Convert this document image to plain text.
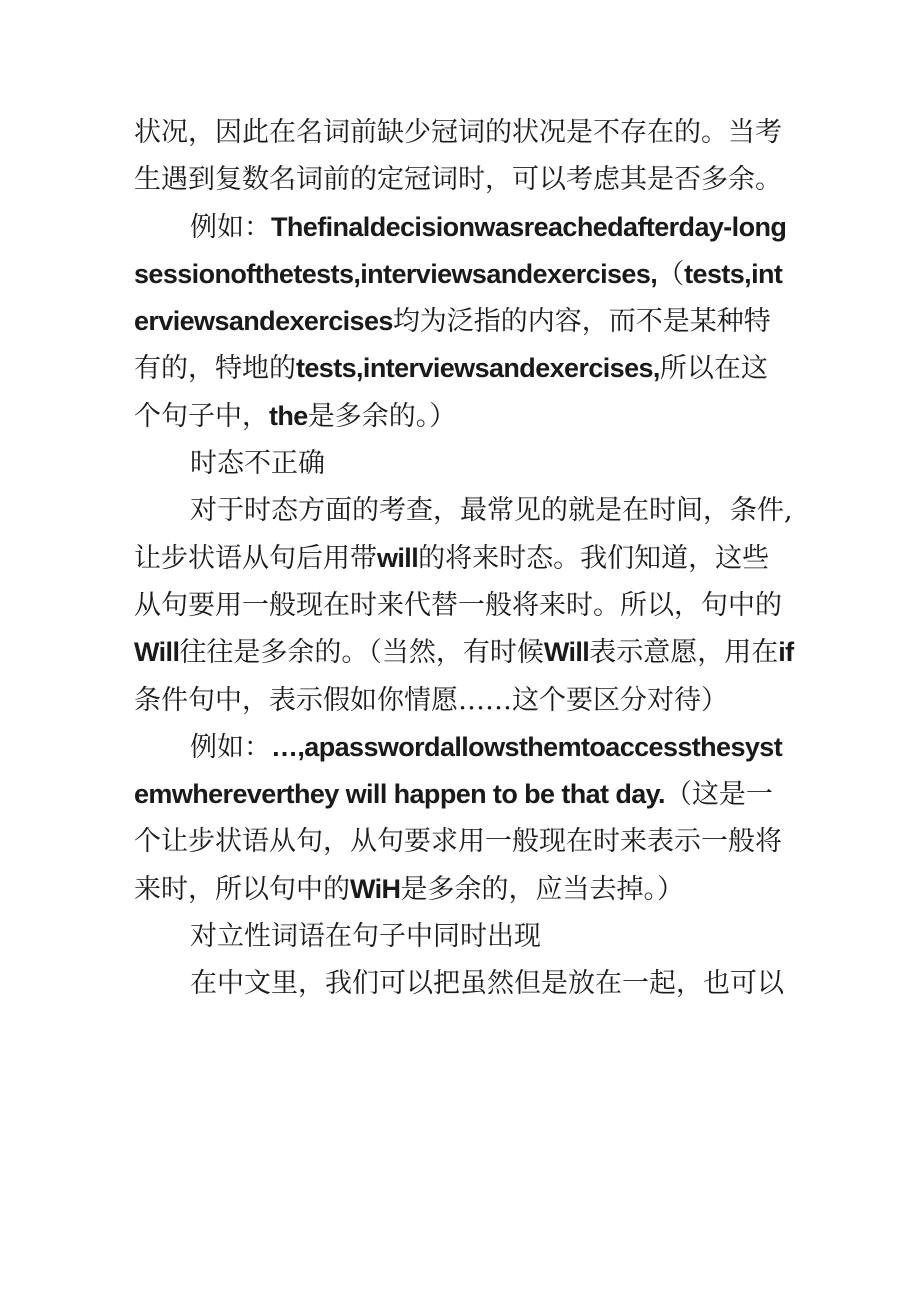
状况，因此在名词前缺少冠词的状况是不存在的。当考生遇到复数名词前的定冠词时，可以考虑其是否多余。

例如：Thefinaldecisionwasreachedafterday-longsessionofthetests,interviewsandexercises,（tests,interviewsandexercises均为泛指的内容，而不是某种特有的，特地的tests,interviewsandexercises,所以在这个句子中，the是多余的。）

时态不正确

对于时态方面的考查，最常见的就是在时间，条件,让步状语从句后用带will的将来时态。我们知道，这些从句要用一般现在时来代替一般将来时。所以，句中的Will往往是多余的。（当然，有时候Will表示意愿，用在if条件句中，表示假如你情愿……这个要区分对待）

例如：…,apasswordallowsthemtoaccessthesystemwhereverthey will happen to be that day.（这是一个让步状语从句，从句要求用一般现在时来表示一般将来时，所以句中的WiH是多余的，应当去掉。）

对立性词语在句子中同时出现

在中文里，我们可以把虽然但是放在一起，也可以
